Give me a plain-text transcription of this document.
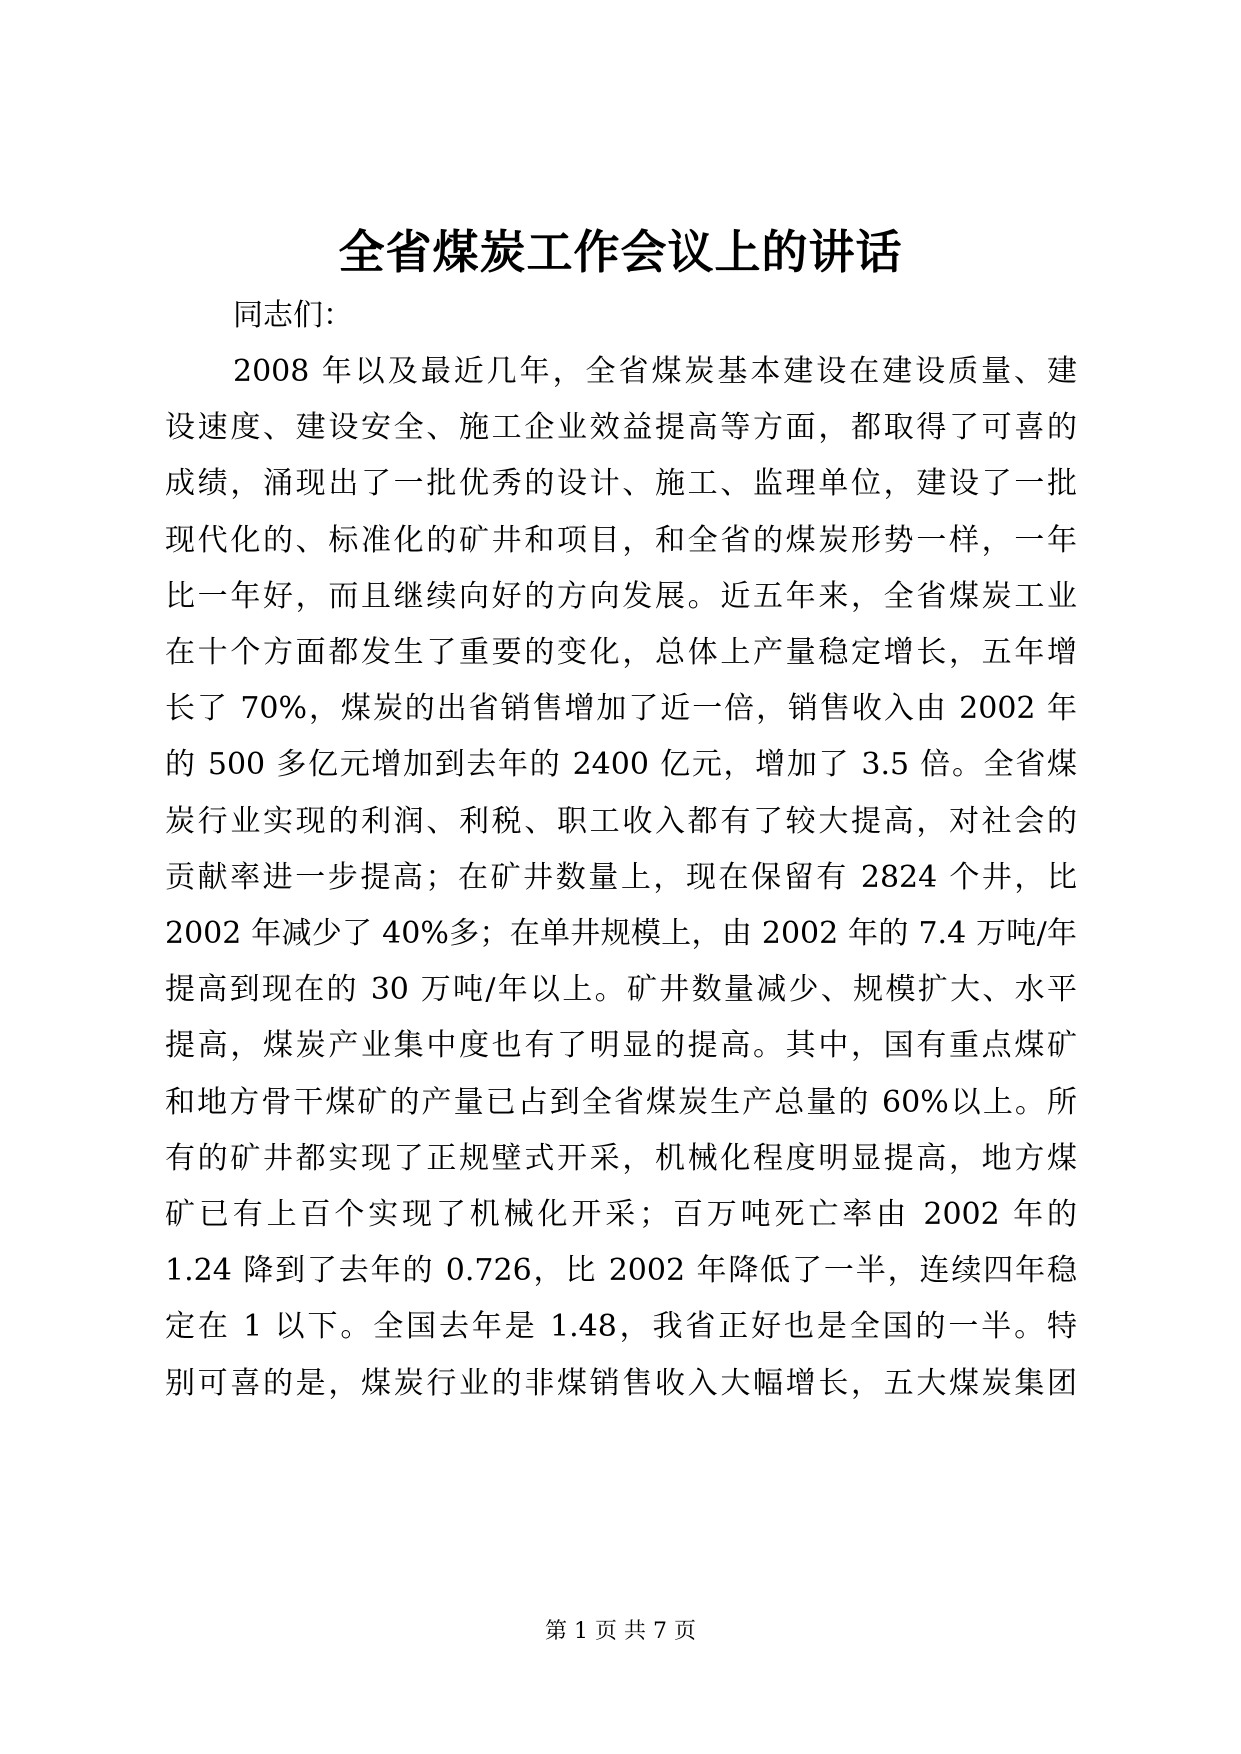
全省煤炭工作会议上的讲话
同志们：
2008 年以及最近几年，全省煤炭基本建设在建设质量、建
设速度、建设安全、施工企业效益提高等方面，都取得了可喜的
成绩，涌现出了一批优秀的设计、施工、监理单位，建设了一批
现代化的、标准化的矿井和项目，和全省的煤炭形势一样，一年
比一年好，而且继续向好的方向发展。近五年来，全省煤炭工业
在十个方面都发生了重要的变化，总体上产量稳定增长，五年增
长了 70%，煤炭的出省销售增加了近一倍，销售收入由 2002 年
的 500 多亿元增加到去年的 2400 亿元，增加了 3.5 倍。全省煤
炭行业实现的利润、利税、职工收入都有了较大提高，对社会的
贡献率进一步提高；在矿井数量上，现在保留有 2824 个井，比
2002 年减少了 40%多；在单井规模上，由 2002 年的 7.4 万吨/年
提高到现在的 30 万吨/年以上。矿井数量减少、规模扩大、水平
提高，煤炭产业集中度也有了明显的提高。其中，国有重点煤矿
和地方骨干煤矿的产量已占到全省煤炭生产总量的 60%以上。所
有的矿井都实现了正规壁式开采，机械化程度明显提高，地方煤
矿已有上百个实现了机械化开采；百万吨死亡率由 2002 年的
1.24 降到了去年的 0.726，比 2002 年降低了一半，连续四年稳
定在 1 以下。全国去年是 1.48，我省正好也是全国的一半。特
别可喜的是，煤炭行业的非煤销售收入大幅增长，五大煤炭集团
第 1 页 共 7 页
